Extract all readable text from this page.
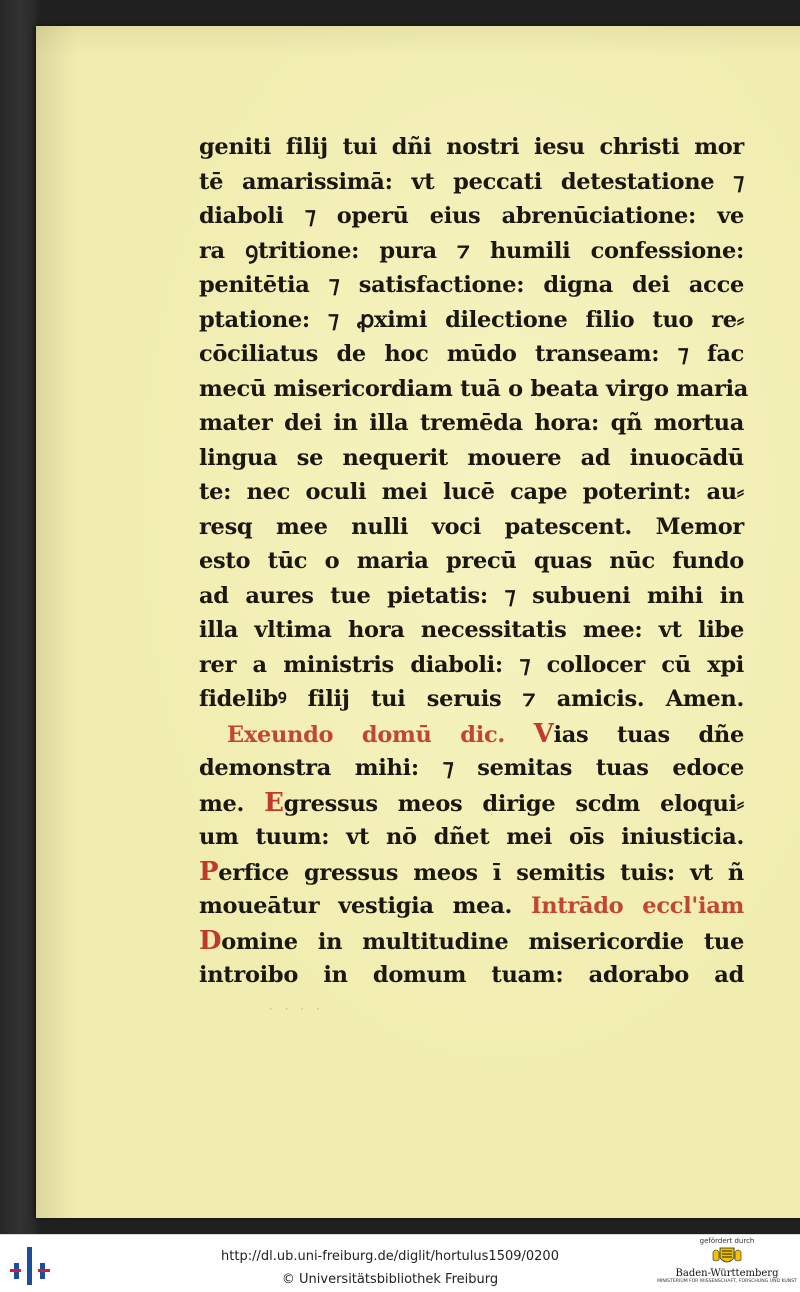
geniti filij tui dñi nostri iesu christi mor
tē amarissimā: vt peccati detestatione ⁊
diaboli ⁊ operū eius abrenūciatione: ve
ra ꝯtritione: pura ⁊ humili confessione:
penitētia ⁊ satisfactione: digna dei acce
ptatione: ⁊ ꝓximi dilectione filio tuo re⸗
cōciliatus de hoc mūdo transeam: ⁊ fac
mecū misericordiam tuā o beata virgo maria
mater dei in illa tremēda hora: qñ mortua
lingua se nequerit mouere ad inuocādū
te: nec oculi mei lucē cape poterint: au⸗
resq mee nulli voci patescent. Memor
esto tūc o maria precū quas nūc fundo
ad aures tue pietatis: ⁊ subueni mihi in
illa vltima hora necessitatis mee: vt libe
rer a ministris diaboli: ⁊ collocer cū xpi
fidelibꝰ filij tui seruis ⁊ amicis. Amen.
Exeundo domū dic. Vias tuas dñe
demonstra mihi: ⁊ semitas tuas edoce
me. Egressus meos dirige scdm eloqui⸗
um tuum: vt nō dñet mei oīs iniusticia.
Perfice gressus meos ī semitis tuis: vt ñ
moueātur vestigia mea. Intrādo eccl'iam
Domine in multitudine misericordie tue
introibo in domum tuam: adorabo ad
· · · ·
http://dl.ub.uni-freiburg.de/diglit/hortulus1509/0200
© Universitätsbibliothek Freiburg
gefördert durch
Baden-Württemberg
MINISTERIUM FÜR WISSENSCHAFT, FORSCHUNG UND KUNST
